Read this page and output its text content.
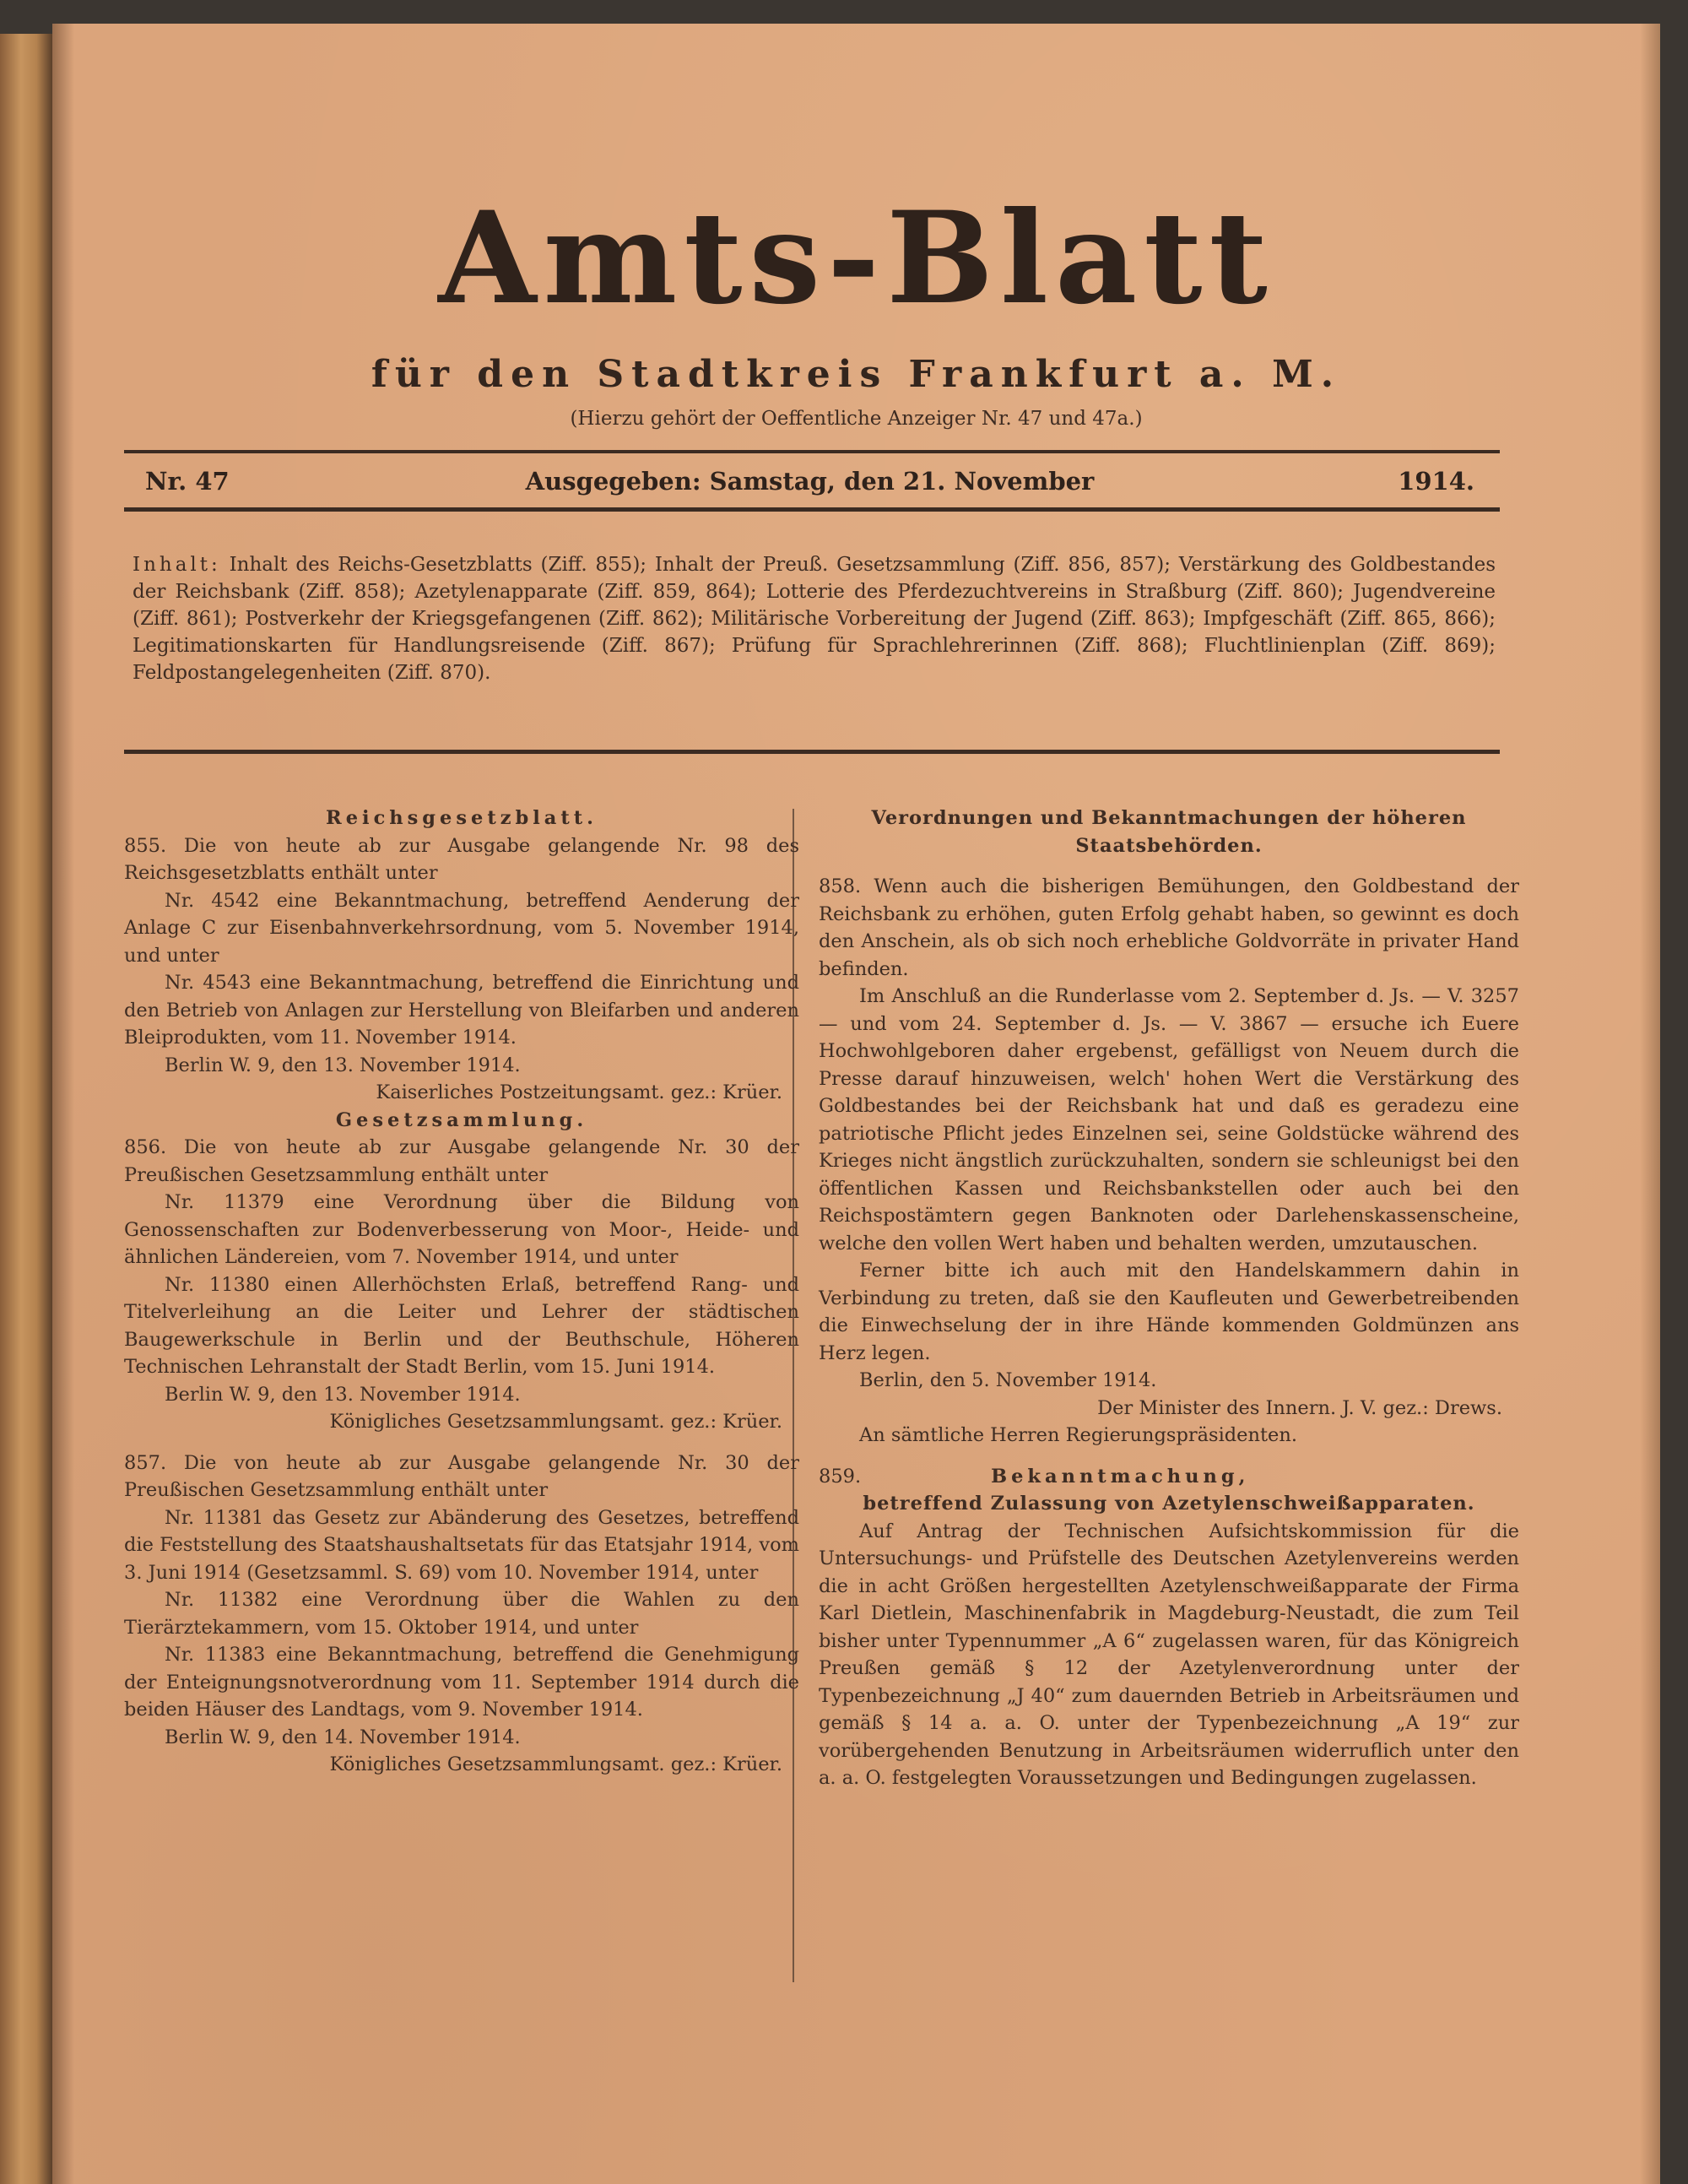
Amts-Blatt
für den Stadtkreis Frankfurt a. M.
(Hierzu gehört der Oeffentliche Anzeiger Nr. 47 und 47a.)
Nr. 47	Ausgegeben: Samstag, den 21. November	1914.
Inhalt: Inhalt des Reichs-Gesetzblatts (Ziff. 855); Inhalt der Preuß. Gesetzsammlung (Ziff. 856, 857); Verstärkung des Goldbestandes der Reichsbank (Ziff. 858); Azetylenapparate (Ziff. 859, 864); Lotterie des Pferdezuchtvereins in Straßburg (Ziff. 860); Jugendvereine (Ziff. 861); Postverkehr der Kriegsgefangenen (Ziff. 862); Militärische Vorbereitung der Jugend (Ziff. 863); Impfgeschäft (Ziff. 865, 866); Legitimationskarten für Handlungsreisende (Ziff. 867); Prüfung für Sprachlehrerinnen (Ziff. 868); Fluchtlinienplan (Ziff. 869); Feldpostangelegenheiten (Ziff. 870).

Reichsgesetzblatt.

855. Die von heute ab zur Ausgabe gelangende Nr. 98 des Reichsgesetzblatts enthält unter

Nr. 4542 eine Bekanntmachung, betreffend Aenderung der Anlage C zur Eisenbahnverkehrsordnung, vom 5. November 1914, und unter

Nr. 4543 eine Bekanntmachung, betreffend die Einrichtung und den Betrieb von Anlagen zur Herstellung von Bleifarben und anderen Bleiprodukten, vom 11. November 1914.

Berlin W. 9, den 13. November 1914.

Kaiserliches Postzeitungsamt. gez.: Krüer.

Gesetzsammlung.

856. Die von heute ab zur Ausgabe gelangende Nr. 30 der Preußischen Gesetzsammlung enthält unter

Nr. 11379 eine Verordnung über die Bildung von Genossenschaften zur Bodenverbesserung von Moor-, Heide- und ähnlichen Ländereien, vom 7. November 1914, und unter

Nr. 11380 einen Allerhöchsten Erlaß, betreffend Rang- und Titelverleihung an die Leiter und Lehrer der städtischen Baugewerkschule in Berlin und der Beuthschule, Höheren Technischen Lehranstalt der Stadt Berlin, vom 15. Juni 1914.

Berlin W. 9, den 13. November 1914.

Königliches Gesetzsammlungsamt. gez.: Krüer.

857. Die von heute ab zur Ausgabe gelangende Nr. 30 der Preußischen Gesetzsammlung enthält unter

Nr. 11381 das Gesetz zur Abänderung des Gesetzes, betreffend die Feststellung des Staatshaushaltsetats für das Etatsjahr 1914, vom 3. Juni 1914 (Gesetzsamml. S. 69) vom 10. November 1914, unter

Nr. 11382 eine Verordnung über die Wahlen zu den Tierärztekammern, vom 15. Oktober 1914, und unter

Nr. 11383 eine Bekanntmachung, betreffend die Genehmigung der Enteignungsnotverordnung vom 11. September 1914 durch die beiden Häuser des Landtags, vom 9. November 1914.

Berlin W. 9, den 14. November 1914.

Königliches Gesetzsammlungsamt. gez.: Krüer.

Verordnungen und Bekanntmachungen der höheren Staatsbehörden.

858. Wenn auch die bisherigen Bemühungen, den Goldbestand der Reichsbank zu erhöhen, guten Erfolg gehabt haben, so gewinnt es doch den Anschein, als ob sich noch erhebliche Goldvorräte in privater Hand befinden.

Im Anschluß an die Runderlasse vom 2. September d. Js. — V. 3257 — und vom 24. September d. Js. — V. 3867 — ersuche ich Euere Hochwohlgeboren daher ergebenst, gefälligst von Neuem durch die Presse darauf hinzuweisen, welch' hohen Wert die Verstärkung des Goldbestandes bei der Reichsbank hat und daß es geradezu eine patriotische Pflicht jedes Einzelnen sei, seine Goldstücke während des Krieges nicht ängstlich zurückzuhalten, sondern sie schleunigst bei den öffentlichen Kassen und Reichsbankstellen oder auch bei den Reichspostämtern gegen Banknoten oder Darlehenskassenscheine, welche den vollen Wert haben und behalten werden, umzutauschen.

Ferner bitte ich auch mit den Handelskammern dahin in Verbindung zu treten, daß sie den Kaufleuten und Gewerbetreibenden die Einwechselung der in ihre Hände kommenden Goldmünzen ans Herz legen.

Berlin, den 5. November 1914.

Der Minister des Innern. J. V. gez.: Drews.

An sämtliche Herren Regierungspräsidenten.

859.	Bekanntmachung,

betreffend Zulassung von Azetylenschweißapparaten.

Auf Antrag der Technischen Aufsichtskommission für die Untersuchungs- und Prüfstelle des Deutschen Azetylenvereins werden die in acht Größen hergestellten Azetylenschweißapparate der Firma Karl Dietlein, Maschinenfabrik in Magdeburg-Neustadt, die zum Teil bisher unter Typennummer „A 6“ zugelassen waren, für das Königreich Preußen gemäß § 12 der Azetylenverordnung unter der Typenbezeichnung „J 40“ zum dauernden Betrieb in Arbeitsräumen und gemäß § 14 a. a. O. unter der Typenbezeichnung „A 19“ zur vorübergehenden Benutzung in Arbeitsräumen widerruflich unter den a. a. O. festgelegten Voraussetzungen und Bedingungen zugelassen.
